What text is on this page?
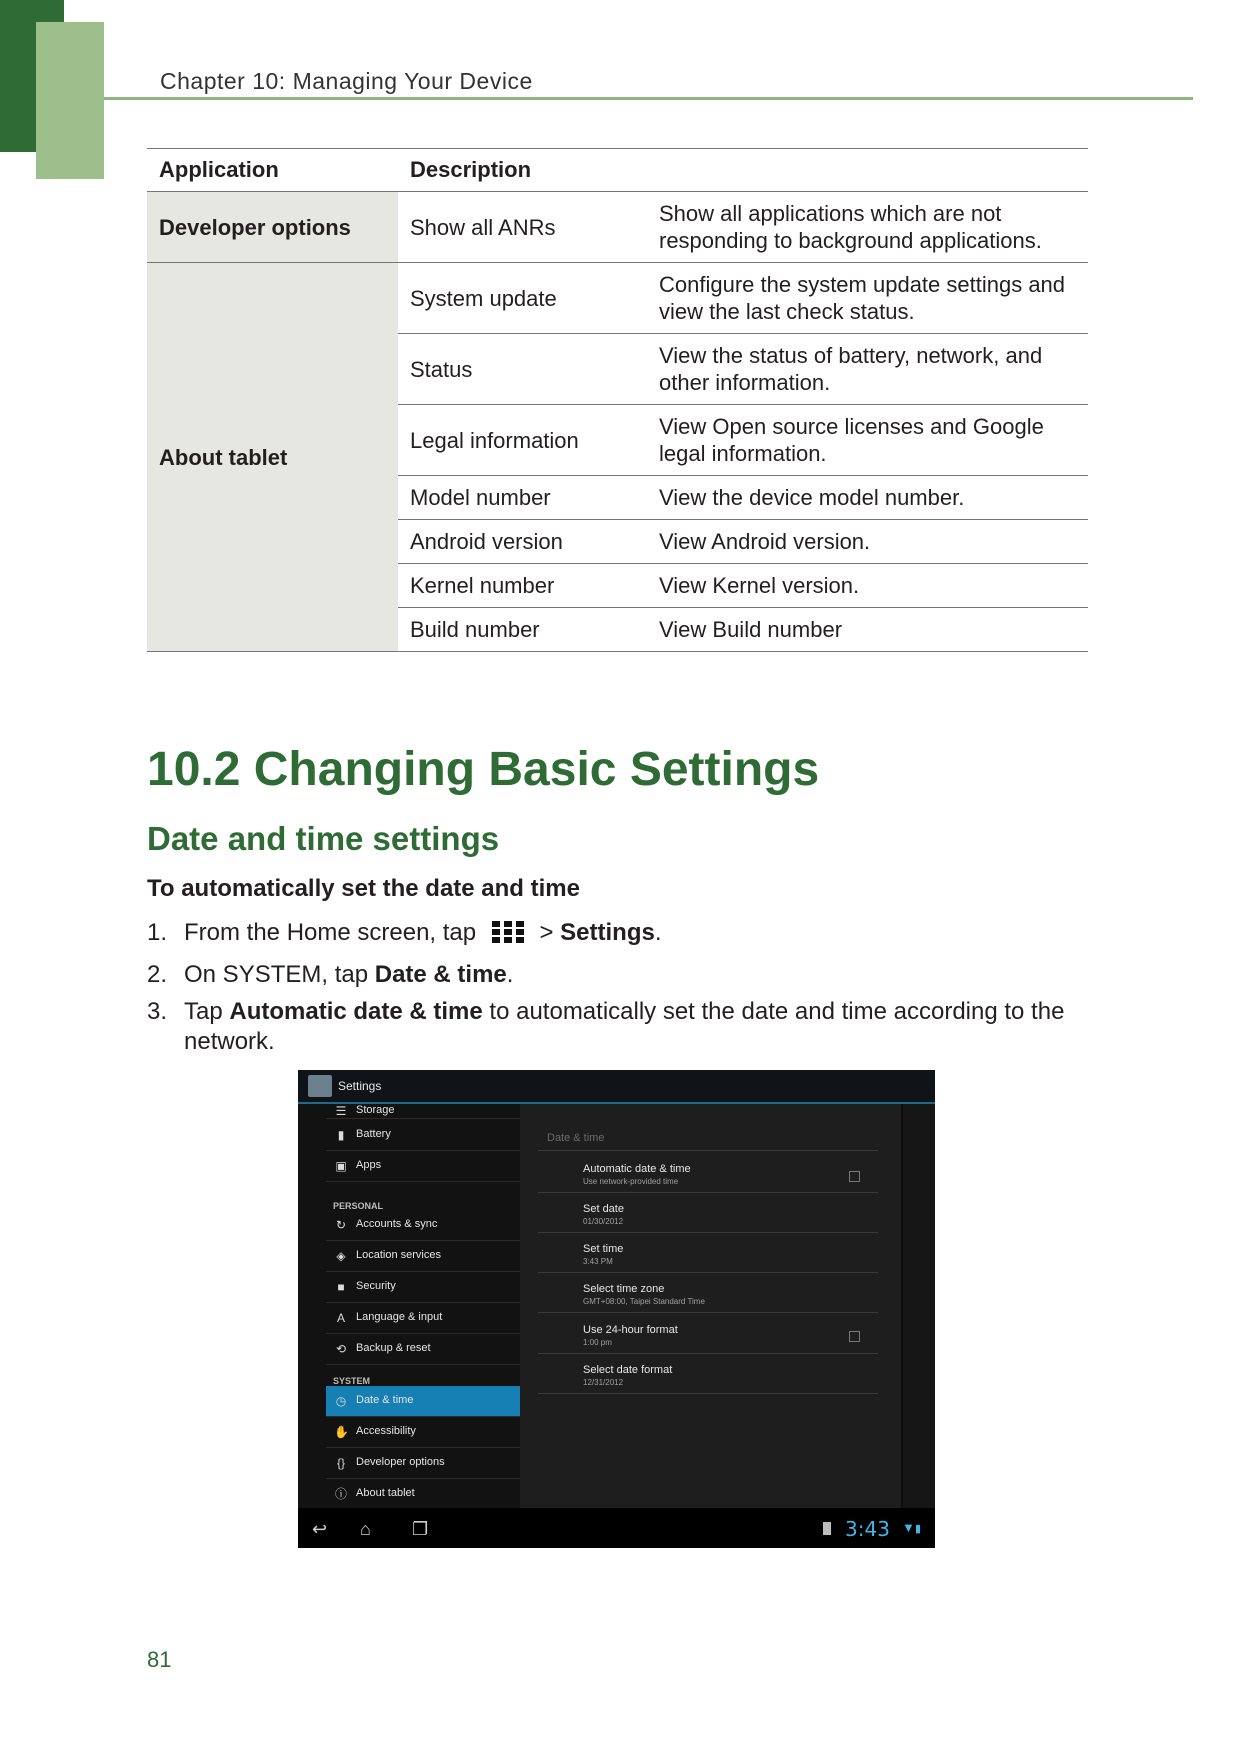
Chapter 10: Managing Your Device
Application	Description	
Developer options	Show all ANRs	Show all applications which are not responding to background applications.
About tablet	System update	Configure the system update settings and view the last check status.
	Status	View the status of battery, network, and other information.
	Legal information	View Open source licenses and Google legal information.
	Model number	View the device model number.
	Android version	View Android version.
	Kernel number	View Kernel version.
	Build number	View Build number
10.2 Changing Basic Settings
Date and time settings
To automatically set the date and time
1. From the Home screen, tap	> Settings.
2. On SYSTEM, tap Date & time.
3. Tap Automatic date & time to automatically set the date and time according to the network.
Settings
☰ Storage
▮	Battery
▣ Apps
PERSONAL
↻ Accounts & sync
◈ Location services
■	Security
A Language & input
⟲ Backup & reset
SYSTEM
◷ Date & time
✋ Accessibility
{} Developer options
ⓘ About tablet
Date & time
Automatic date & time
Use network-provided time
Set date
01/30/2012
Set time
3:43 PM
Select time zone
GMT+08:00, Taipei Standard Time
Use 24-hour format
1:00 pm
Select date format
12/31/2012
↩ ⌂ ❐	3:43 ▼ ▮
81
